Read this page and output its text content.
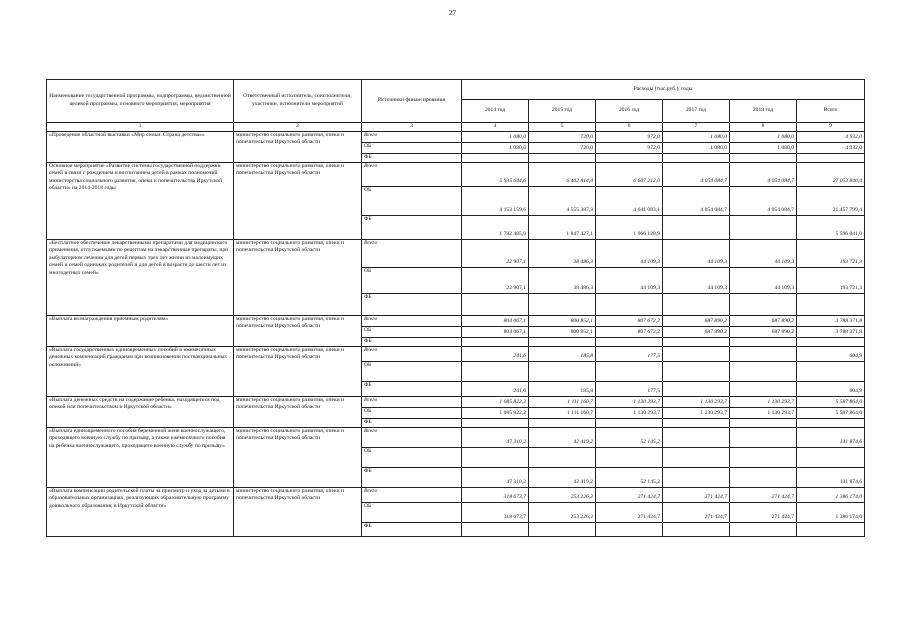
27
Наименование государственной программы, подпрограммы, ведомственной целевой программы, основного мероприятия, мероприятия	Ответственный исполнитель, соисполнители, участники, исполнители мероприятий	Источники финансирования	Расходы (тыс.руб.), годы					
			2014 год	2015 год	2016 год	2017 год	2018 год	Всего
1	2	3	4	5	6	7	8	9
«Проведение областной выставки «Мир семьи. Страна детства»»	министерство социального развития, опеки и попечительства Иркутской области	Всего	1 080,0	720,0	972,0	1 080,0	1 080,0	4 932,0
		ОБ	1 080,0	720,0	972,0	1 080,0	1 080,0	4 932,0
		ФБ						
Основное мероприятие «Развитие системы государственной поддержки семей в связи с рождением и воспитанием детей в рамках полномочий министерства социального развития, опеки и попечительства Иркутской области» на 2014-2018 годы	министерство социального развития, опеки и попечительства Иркутской области	Всего	5 935 644,6	6 402 814,4	6 607 212,0	4 054 084,7	4 054 084,7	27 053 840,4
		ОБ	4 153 159,6	4 555 387,3	4 641 083,1	4 054 084,7	4 054 084,7	21 457 799,4
		ФБ	1 782 485,0	1 847 427,1	1 966 128,9			5 596 041,0
«Бесплатное обеспечение лекарственными препаратами для медицинского применения, отпускаемыми по рецептам на лекарственные препараты, при амбулаторном лечении для детей первых трех лет жизни из малоимущих семей и семей одиноких родителей и для детей в возрасте до шести лет из многодетных семей»	министерство социального развития, опеки и попечительства Иркутской области	Всего	22 907,1	38 486,3	44 109,3	44 109,3	44 109,3	193 721,3
		ОБ	22 907,1	38 486,3	44 109,3	44 109,3	44 109,3	193 721,3
		ФБ						
«Выплата вознаграждения приемным родителям»	министерство социального развития, опеки и попечительства Иркутской области	Всего	804 067,1	800 852,1	807 672,2	687 890,2	687 890,2	3 788 371,8
		ОБ	804 067,1	800 852,1	807 672,2	687 890,2	687 890,2	3 788 371,8
		ФБ						
«Выплата государственных единовременных пособий и ежемесячных денежных компенсаций гражданам при возникновении поствакцинальных осложнений»	министерство социального развития, опеки и попечительства Иркутской области	Всего	241,6	185,8	177,5			604,9
		ОБ						
		ФБ	241,6	185,8	177,5			604,9
«Выплата денежных средств на содержание ребенка, находящегося под опекой или попечительством в Иркутской области»	министерство социального развития, опеки и попечительства Иркутской области	Всего	1 085 822,2	1 111 160,7	1 130 293,7	1 130 293,7	1 130 293,7	5 587 864,0
		ОБ	1 085 822,2	1 111 160,7	1 130 293,7	1 130 293,7	1 130 293,7	5 587 864,0
		ФБ						
«Выплата единовременного пособия беременной жене военнослужащего, проходящего военную службу по призыву, а также ежемесячного пособия на ребенка военнослужащего, проходящего военную службу по призыву»	министерство социального развития, опеки и попечительства Иркутской области	Всего	47 310,2	42 419,2	52 145,2			141 874,6
		ОБ						
		ФБ	47 310,2	42 419,2	52 145,2			141 874,6
«Выплата компенсации родительской платы за присмотр и уход за детьми в образовательных организациях, реализующих образовательную программу дошкольного образования, в Иркутской области»	министерство социального развития, опеки и попечительства Иркутской области	Всего	318 673,7	253 226,2	271 424,7	271 424,7	271 424,7	1 386 174,0
		ОБ	318 673,7	253 226,2	271 424,7	271 424,7	271 424,7	1 386 174,0
		ФБ						
